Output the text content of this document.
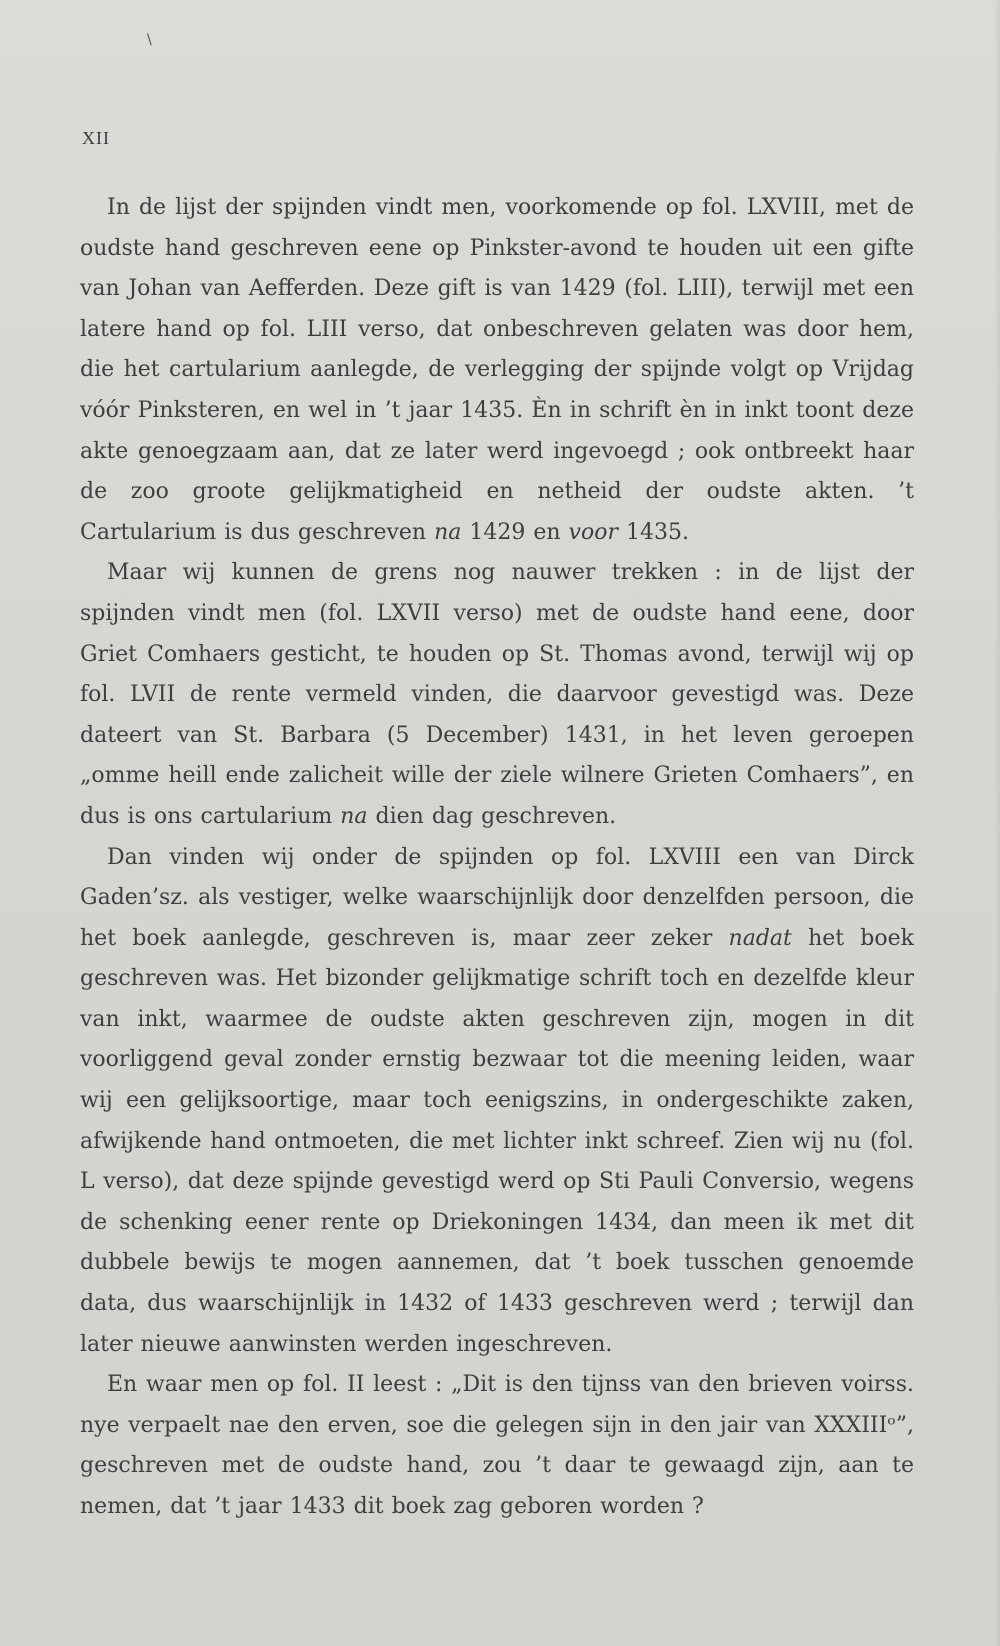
\
XII

In de lijst der spijnden vindt men, voorkomende op fol. LXVIII, met de oudste hand geschreven eene op Pinkster-avond te houden uit een gifte van Johan van Aefferden. Deze gift is van 1429 (fol. LIII), terwijl met een latere hand op fol. LIII verso, dat onbeschreven gelaten was door hem, die het cartularium aanlegde, de verlegging der spijnde volgt op Vrijdag vóór Pinksteren, en wel in ’t jaar 1435. Èn in schrift èn in inkt toont deze akte genoegzaam aan, dat ze later werd ingevoegd ; ook ontbreekt haar de zoo groote gelijkmatigheid en netheid der oudste akten. ’t Cartularium is dus geschreven na 1429 en voor 1435.

Maar wij kunnen de grens nog nauwer trekken : in de lijst der spijnden vindt men (fol. LXVII verso) met de oudste hand eene, door Griet Comhaers gesticht, te houden op St. Thomas avond, terwijl wij op fol. LVII de rente vermeld vinden, die daarvoor gevestigd was. Deze dateert van St. Barbara (5 December) 1431, in het leven geroepen „omme heill ende zalicheit wille der ziele wilnere Grieten Comhaers”, en dus is ons cartularium na dien dag geschreven.

Dan vinden wij onder de spijnden op fol. LXVIII een van Dirck Gaden’sz. als vestiger, welke waarschijnlijk door denzelfden persoon, die het boek aanlegde, geschreven is, maar zeer zeker nadat het boek geschreven was. Het bizonder gelijkmatige schrift toch en dezelfde kleur van inkt, waarmee de oudste akten geschreven zijn, mogen in dit voorliggend geval zonder ernstig bezwaar tot die meening leiden, waar wij een gelijksoortige, maar toch eenigszins, in ondergeschikte zaken, afwijkende hand ontmoeten, die met lichter inkt schreef. Zien wij nu (fol. L verso), dat deze spijnde gevestigd werd op Sti Pauli Conversio, wegens de schenking eener rente op Driekoningen 1434, dan meen ik met dit dubbele bewijs te mogen aannemen, dat ’t boek tusschen genoemde data, dus waarschijnlijk in 1432 of 1433 geschreven werd ; terwijl dan later nieuwe aanwinsten werden ingeschreven.

En waar men op fol. II leest : „Dit is den tijnss van den brieven voirss. nye verpaelt nae den erven, soe die gelegen sijn in den jair van XXXIIIᵒ”, geschreven met de oudste hand, zou ’t daar te gewaagd zijn, aan te nemen, dat ’t jaar 1433 dit boek zag geboren worden ?
